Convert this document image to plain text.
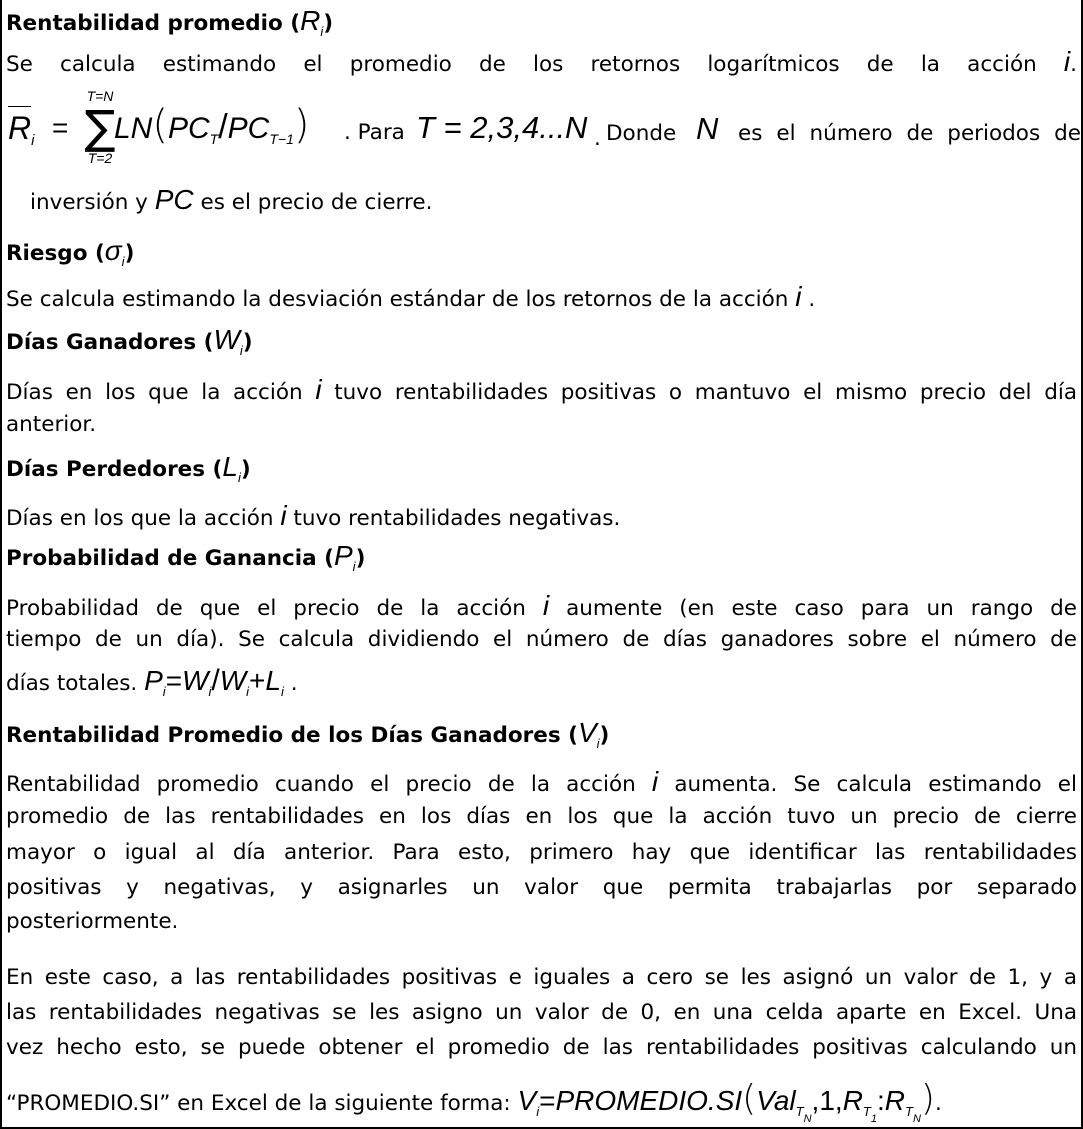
Rentabilidad promedio $(R_i)$

Se calcula estimando el promedio de los retornos logarítmicos de la acción i.

$R_i$ =
T=N
∑
T=2
$LN(PC_T/PC_{T-1})$ . Para T = 2,3,4...N . Donde N es el número de periodos de

inversión y PC es el precio de cierre.

Riesgo $(\sigma_i)$

Se calcula estimando la desviación estándar de los retornos de la acción i .

Días Ganadores $(W_i)$

Días en los que la acción i tuvo rentabilidades positivas o mantuvo el mismo precio del día

anterior.

Días Perdedores $(L_i)$

Días en los que la acción i tuvo rentabilidades negativas.

Probabilidad de Ganancia $(P_i)$

Probabilidad de que el precio de la acción i aumente (en este caso para un rango de

tiempo de un día). Se calcula dividiendo el número de días ganadores sobre el número de

días totales. $P_i=W_i/W_i+L_i$ .

Rentabilidad Promedio de los Días Ganadores $(V_i)$

Rentabilidad promedio cuando el precio de la acción i aumenta. Se calcula estimando el

promedio de las rentabilidades en los días en los que la acción tuvo un precio de cierre

mayor o igual al día anterior. Para esto, primero hay que identificar las rentabilidades

positivas y negativas, y asignarles un valor que permita trabajarlas por separado

posteriormente.

En este caso, a las rentabilidades positivas e iguales a cero se les asignó un valor de 1, y a

las rentabilidades negativas se les asigno un valor de 0, en una celda aparte en Excel. Una

vez hecho esto, se puede obtener el promedio de las rentabilidades positivas calculando un

“PROMEDIO.SI” en Excel de la siguiente forma: $V_i=PROMEDIO.SI(Val_{TN},1,R_{T1}:R_{TN})$.
